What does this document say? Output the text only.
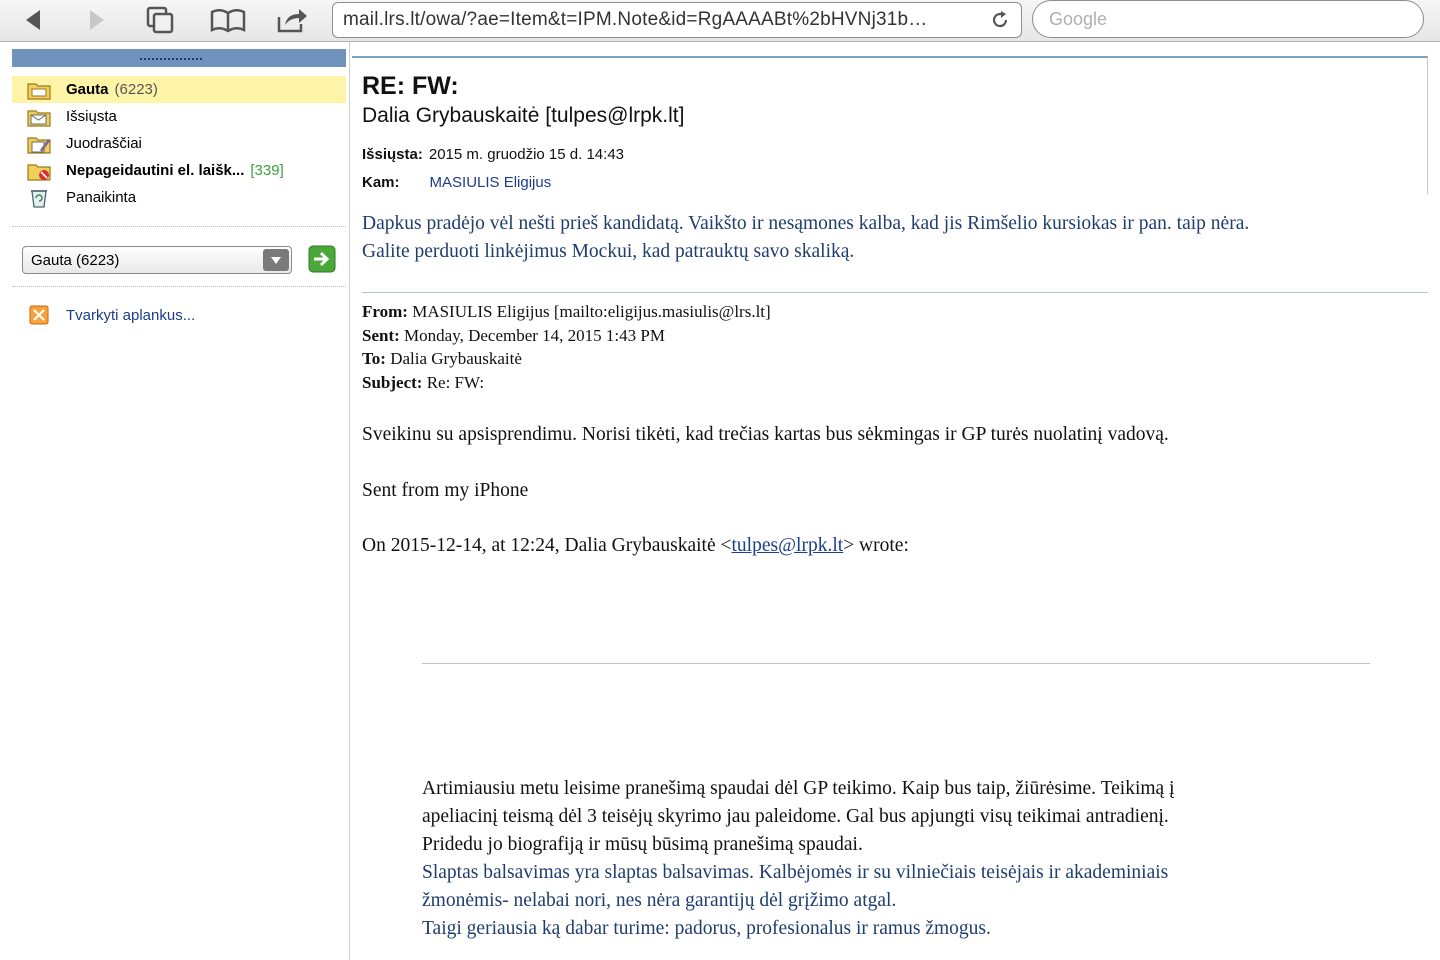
mail.lrs.lt/owa/?ae=Item&t=IPM.Note&id=RgAAAABt%2bHVNj31b…
Google
Gauta (6223)
Išsiųsta
Juodraščiai
Nepageidautini el. laišk... [339]
Panaikinta
Gauta (6223)
Tvarkyti aplankus...
RE: FW:
Dalia Grybauskaitė [tulpes@lrpk.lt]
Išsiųsta: 2015 m. gruodžio 15 d. 14:43
Kam: MASIULIS Eligijus
Dapkus pradėjo vėl nešti prieš kandidatą. Vaikšto ir nesąmones kalba, kad jis Rimšelio kursiokas ir pan. taip nėra.
Galite perduoti linkėjimus Mockui, kad patrauktų savo skaliką.
From: MASIULIS Eligijus [mailto:eligijus.masiulis@lrs.lt]
Sent: Monday, December 14, 2015 1:43 PM
To: Dalia Grybauskaitė
Subject: Re: FW:
Sveikinu su apsisprendimu. Norisi tikėti, kad trečias kartas bus sėkmingas ir GP turės nuolatinį vadovą.
Sent from my iPhone
On 2015-12-14, at 12:24, Dalia Grybauskaitė <tulpes@lrpk.lt> wrote:
Artimiausiu metu leisime pranešimą spaudai dėl GP teikimo. Kaip bus taip, žiūrėsime. Teikimą į
apeliacinį teismą dėl 3 teisėjų skyrimo jau paleidome. Gal bus apjungti visų teikimai antradienį.
Pridedu jo biografiją ir mūsų būsimą pranešimą spaudai.
Slaptas balsavimas yra slaptas balsavimas. Kalbėjomės ir su vilniečiais teisėjais ir akademiniais
žmonėmis- nelabai nori, nes nėra garantijų dėl grįžimo atgal.
Taigi geriausia ką dabar turime: padorus, profesionalus ir ramus žmogus.
